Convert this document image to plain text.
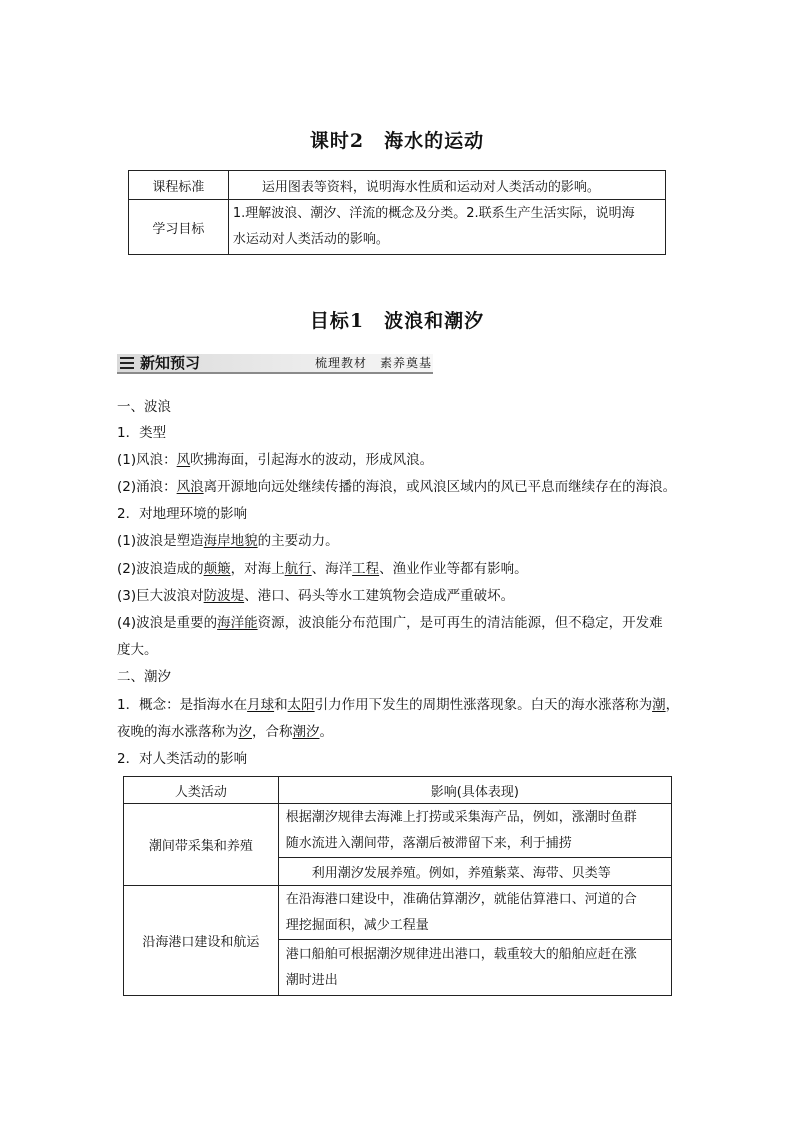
课时2　海水的运动
课程标准	运用图表等资料，说明海水性质和运动对人类活动的影响。
学习目标	1.理解波浪、潮汐、洋流的概念及分类。2.联系生产生活实际，说明海
水运动对人类活动的影响。
目标1　波浪和潮汐
新知预习	梳理教材　素养奠基
一、波浪
1．类型
(1)风浪：风吹拂海面，引起海水的波动，形成风浪。
(2)涌浪：风浪离开源地向远处继续传播的海浪，或风浪区域内的风已平息而继续存在的海浪。
2．对地理环境的影响
(1)波浪是塑造海岸地貌的主要动力。
(2)波浪造成的颠簸，对海上航行、海洋工程、渔业作业等都有影响。
(3)巨大波浪对防波堤、港口、码头等水工建筑物会造成严重破坏。
(4)波浪是重要的海洋能资源，波浪能分布范围广，是可再生的清洁能源，但不稳定，开发难
度大。
二、潮汐
1．概念：是指海水在月球和太阳引力作用下发生的周期性涨落现象。白天的海水涨落称为潮，
夜晚的海水涨落称为汐，合称潮汐。
2．对人类活动的影响
人类活动	影响(具体表现)
潮间带采集和养殖	根据潮汐规律去海滩上打捞或采集海产品，例如，涨潮时鱼群
随水流进入潮间带，落潮后被滞留下来，利于捕捞

	利用潮汐发展养殖。例如，养殖紫菜、海带、贝类等

沿海港口建设和航运	在沿海港口建设中，准确估算潮汐，就能估算港口、河道的合
理挖掘面积，减少工程量

	港口船舶可根据潮汐规律进出港口，载重较大的船舶应赶在涨
潮时进出
